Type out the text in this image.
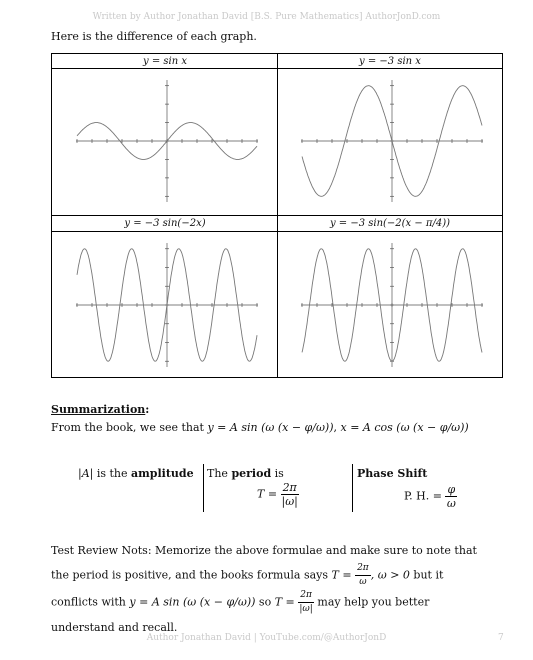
Written by Author Jonathan David [B.S. Pure Mathematics] AuthorJonD.com
Here is the difference of each graph.
y = sin x	y = −3 sin x
y = −3 sin(−2x)	y = −3 sin(−2(x − π/4))
Summarization:
From the book, we see that y = A sin (ω (x − φ/ω)), x = A cos (ω (x − φ/ω))
|A| is the amplitude The period is
$T = \frac{2\pi}{|\omega|}$
Phase Shift
P. H. = $\frac{\varphi}{\omega}$
Test Review Nots: Memorize the above formulae and make sure to note that the period is positive, and the books formula says $T = \frac{2\pi}{\omega}$ , ω > 0 but it conflicts with y = A sin (ω (x − φ/ω)) so $T = \frac{2\pi}{|\omega|}$ may help you better understand and recall.
Author Jonathan David | YouTube.com/@AuthorJonD	7
